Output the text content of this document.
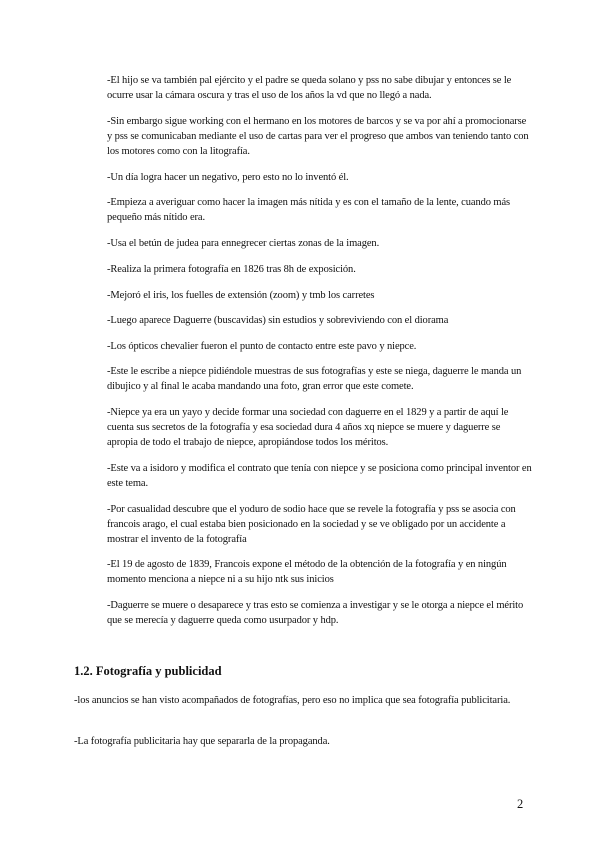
-El hijo se va también pal ejército y el padre se queda solano y pss no sabe dibujar y entonces se le ocurre usar la cámara oscura y tras el uso de los años la vd que no llegó a nada.
-Sin embargo sigue working con el hermano en los motores de barcos y se va por ahí a promocionarse y pss se comunicaban mediante el uso de cartas para ver el progreso que ambos van teniendo tanto con los motores como con la litografía.
-Un día logra hacer un negativo, pero esto no lo inventó él.
-Empieza a averiguar como hacer la imagen más nítida y es con el tamaño de la lente, cuando más pequeño más nítido era.
-Usa el betún de judea para ennegrecer ciertas zonas de la imagen.
-Realiza la primera fotografía en 1826 tras 8h de exposición.
-Mejoró el iris, los fuelles de extensión (zoom) y tmb los carretes
-Luego aparece Daguerre (buscavidas) sin estudios y sobreviviendo con el diorama
-Los ópticos chevalier fueron el punto de contacto entre este pavo y niepce.
-Este le escribe a niepce pidiéndole muestras de sus fotografías y este se niega, daguerre le manda un dibujico y al final le acaba mandando una foto, gran error que este comete.
-Niepce ya era un yayo y decide formar una sociedad con daguerre en el 1829 y a partir de aquí le cuenta sus secretos de la fotografía y esa sociedad dura 4 años xq niepce se muere y daguerre se apropia de todo el trabajo de niepce, apropiándose todos los méritos.
-Este va a isidoro y modifica el contrato que tenía con niepce y se posiciona como principal inventor en este tema.
-Por casualidad descubre que el yoduro de sodio hace que se revele la fotografía y pss se asocia con francois arago, el cual estaba bien posicionado en la sociedad y se ve obligado por un accidente a mostrar el invento de la fotografía
-El 19 de agosto de 1839, Francois expone el método de la obtención de la fotografía y en ningún momento menciona a niepce ni a su hijo ntk sus inicios
-Daguerre se muere o desaparece y tras esto se comienza a investigar y se le otorga a niepce el mérito que se merecía y daguerre queda como usurpador y hdp.
1.2. Fotografía y publicidad
-los anuncios se han visto acompañados de fotografías, pero eso no implica que sea fotografía publicitaria.
-La fotografía publicitaria hay que separarla de la propaganda.
2
